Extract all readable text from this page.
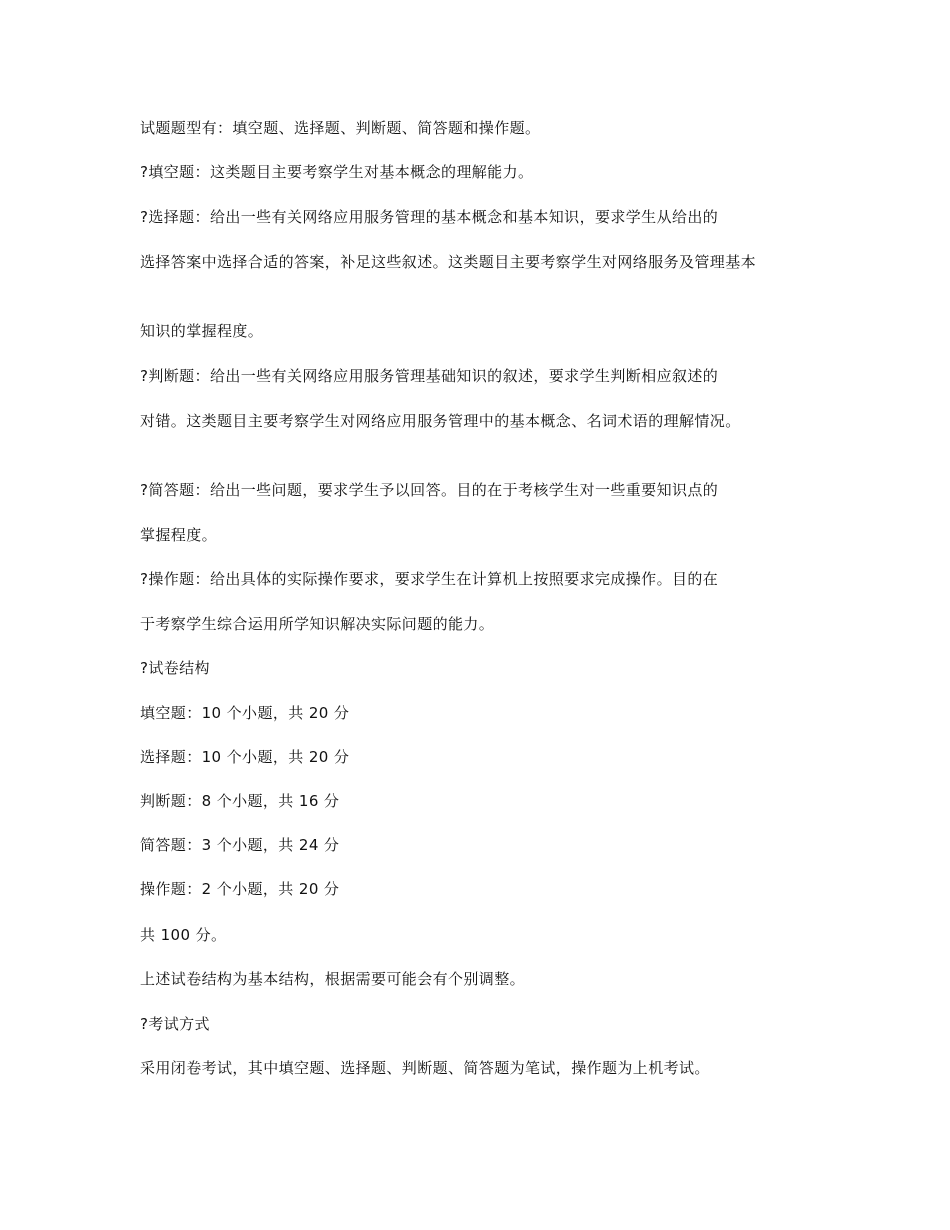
试题题型有：填空题、选择题、判断题、简答题和操作题。
?填空题：这类题目主要考察学生对基本概念的理解能力。
?选择题：给出一些有关网络应用服务管理的基本概念和基本知识，要求学生从给出的
选择答案中选择合适的答案，补足这些叙述。这类题目主要考察学生对网络服务及管理基本
知识的掌握程度。
?判断题：给出一些有关网络应用服务管理基础知识的叙述，要求学生判断相应叙述的
对错。这类题目主要考察学生对网络应用服务管理中的基本概念、名词术语的理解情况。
?简答题：给出一些问题，要求学生予以回答。目的在于考核学生对一些重要知识点的
掌握程度。
?操作题：给出具体的实际操作要求，要求学生在计算机上按照要求完成操作。目的在
于考察学生综合运用所学知识解决实际问题的能力。
?试卷结构
填空题：10 个小题，共 20 分
选择题：10 个小题，共 20 分
判断题：8 个小题，共 16 分
简答题：3 个小题，共 24 分
操作题：2 个小题，共 20 分
共 100 分。
上述试卷结构为基本结构，根据需要可能会有个别调整。
?考试方式
采用闭卷考试，其中填空题、选择题、判断题、简答题为笔试，操作题为上机考试。
